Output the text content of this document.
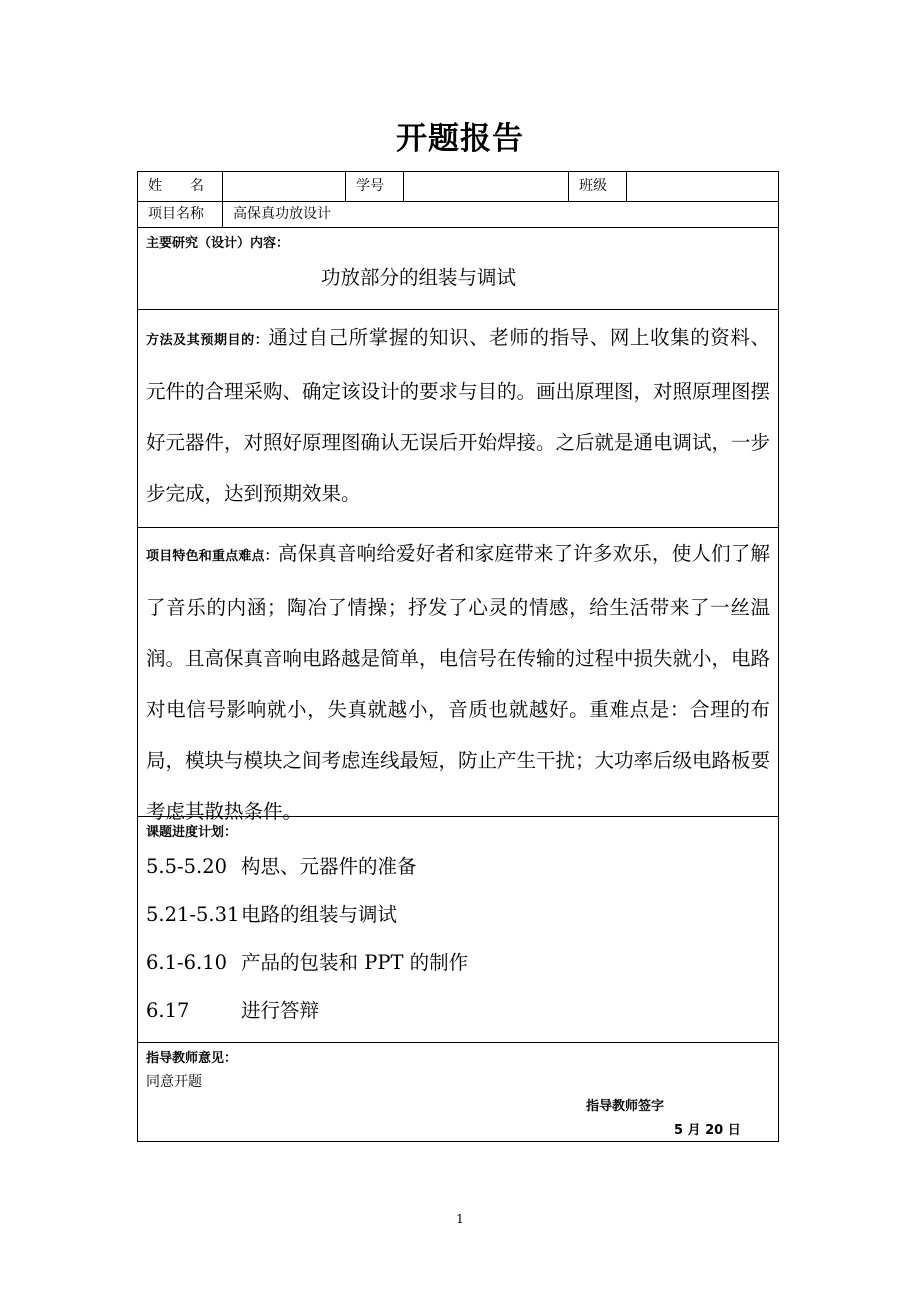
开题报告
姓　　名	学号	班级
项目名称	高保真功放设计
主要研究（设计）内容：
功放部分的组装与调试
方法及其预期目的：通过自己所掌握的知识、老师的指导、网上收集的资料、元件的合理采购、确定该设计的要求与目的。画出原理图，对照原理图摆好元器件，对照好原理图确认无误后开始焊接。之后就是通电调试，一步步完成，达到预期效果。
项目特色和重点难点：高保真音响给爱好者和家庭带来了许多欢乐，使人们了解了音乐的内涵；陶冶了情操；抒发了心灵的情感，给生活带来了一丝温润。且高保真音响电路越是简单，电信号在传输的过程中损失就小，电路对电信号影响就小，失真就越小，音质也就越好。重难点是：合理的布局，模块与模块之间考虑连线最短，防止产生干扰；大功率后级电路板要考虑其散热条件。
课题进度计划：
5.5-5.20 构思、元器件的准备
5.21-5.31电路的组装与调试
6.1-6.10 产品的包装和 PPT 的制作
6.17	进行答辩
指导教师意见：
同意开题
指导教师签字
5 月 20 日
1
